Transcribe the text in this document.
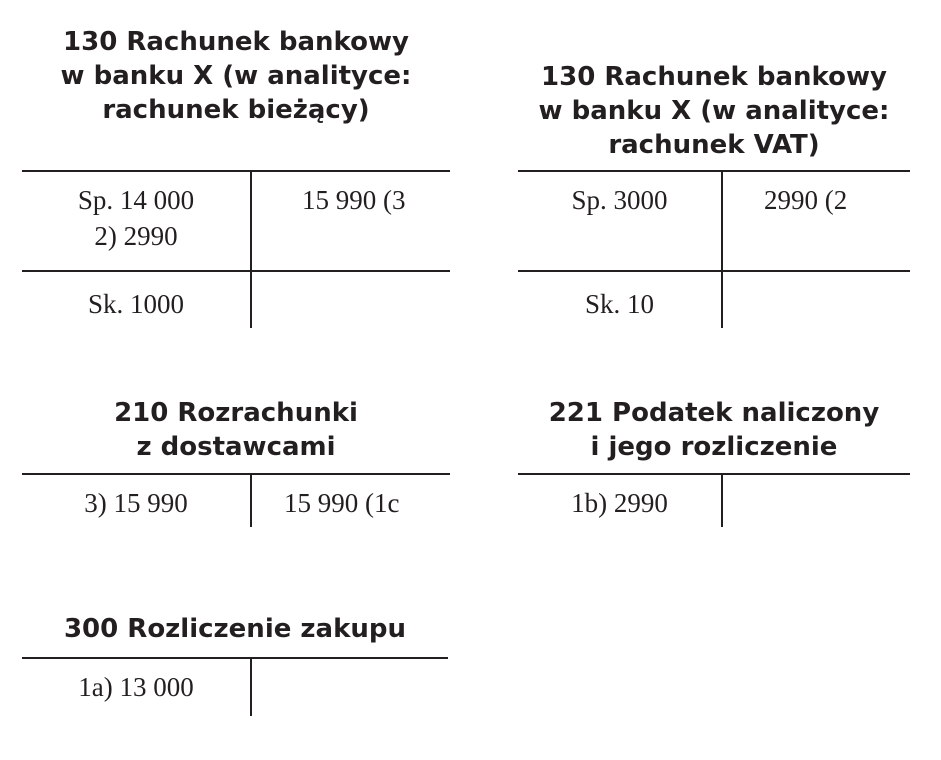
130 Rachunek bankowy
w banku X (w analityce:
rachunek bieżący)
Sp. 14 000
2) 2990
15 990 (3
Sk. 1000
130 Rachunek bankowy
w banku X (w analityce:
rachunek VAT)
Sp. 3000	2990 (2
Sk. 10
210 Rozrachunki
z dostawcami
3) 15 990	15 990 (1c
221 Podatek naliczony
i jego rozliczenie
1b) 2990
300 Rozliczenie zakupu
1a) 13 000
